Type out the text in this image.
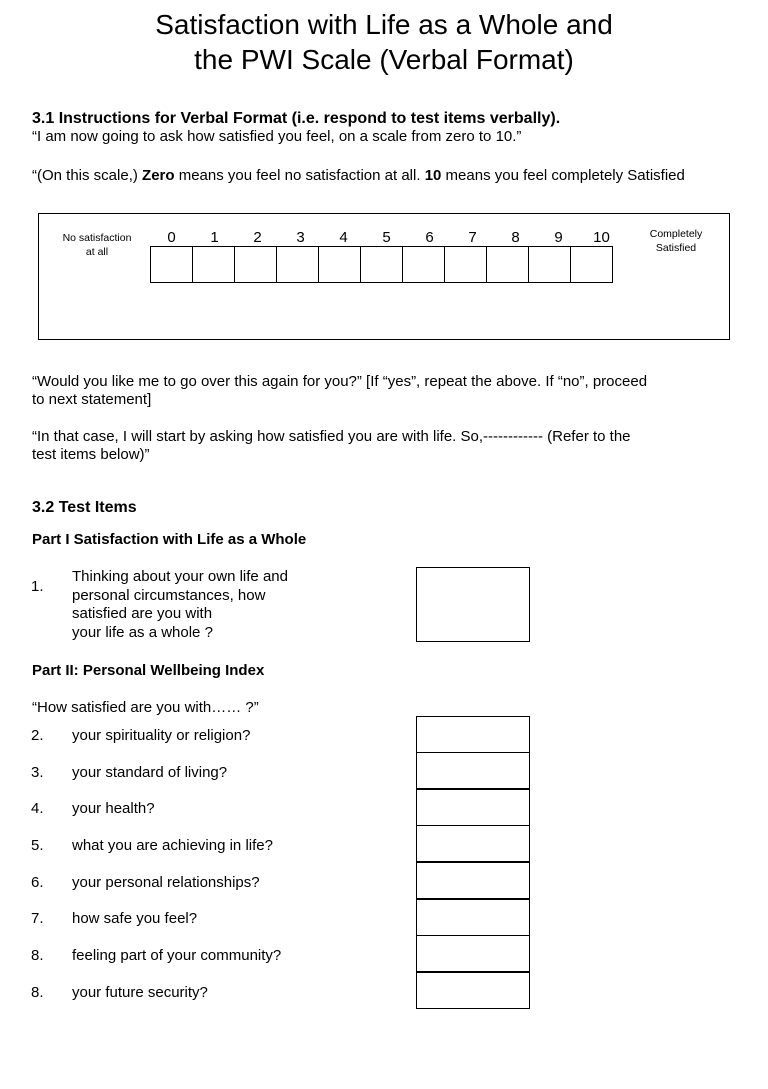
Satisfaction with Life as a Whole and
the PWI Scale (Verbal Format)
3.1 Instructions for Verbal Format (i.e. respond to test items verbally).
“I am now going to ask how satisfied you feel, on a scale from zero to 10.”
“(On this scale,) Zero means you feel no satisfaction at all. 10 means you feel completely Satisfied
No satisfaction
at all
Completely
Satisfied
0	1	2	3	4	5	6	7	8	9	10
“Would you like me to go over this again for you?” [If “yes”, repeat the above. If “no”, proceed
to next statement]
“In that case, I will start by asking how satisfied you are with life. So,------------ (Refer to the
test items below)”
3.2 Test Items
Part I Satisfaction with Life as a Whole
1.
Thinking about your own life and
personal circumstances, how
satisfied are you with
your life as a whole ?
Part II: Personal Wellbeing Index
“How satisfied are you with…… ?”
2. your spirituality or religion?
3. your standard of living?
4. your health?
5. what you are achieving in life?
6. your personal relationships?
7. how safe you feel?
8. feeling part of your community?
8. your future security?
